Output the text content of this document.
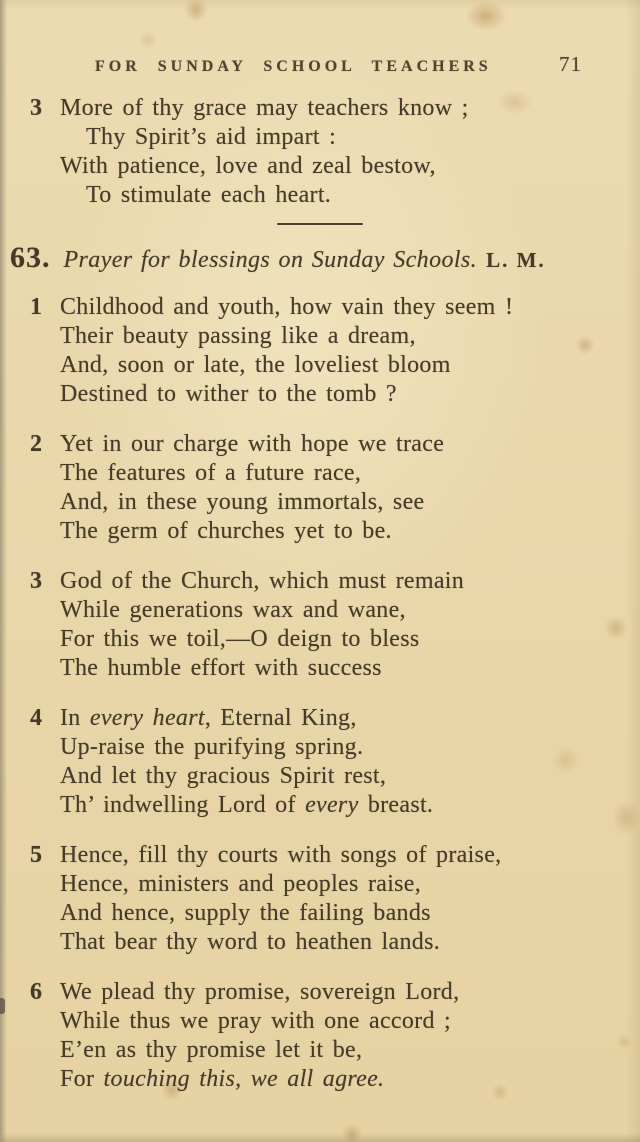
FOR SUNDAY SCHOOL TEACHERS	71
3 More of thy grace may teachers know ;
Thy Spirit’s aid impart :
With patience, love and zeal bestow,
To stimulate each heart.
63. Prayer for blessings on Sunday Schools. L. M.
1 Childhood and youth, how vain they seem !
Their beauty passing like a dream,
And, soon or late, the loveliest bloom
Destined to wither to the tomb ?
2 Yet in our charge with hope we trace
The features of a future race,
And, in these young immortals, see
The germ of churches yet to be.
3 God of the Church, which must remain
While generations wax and wane,
For this we toil,—O deign to bless
The humble effort with success
4 In every heart, Eternal King,
Up-raise the purifying spring.
And let thy gracious Spirit rest,
Th’ indwelling Lord of every breast.
5 Hence, fill thy courts with songs of praise,
Hence, ministers and peoples raise,
And hence, supply the failing bands
That bear thy word to heathen lands.
6 We plead thy promise, sovereign Lord,
While thus we pray with one accord ;
E’en as thy promise let it be,
For touching this, we all agree.
